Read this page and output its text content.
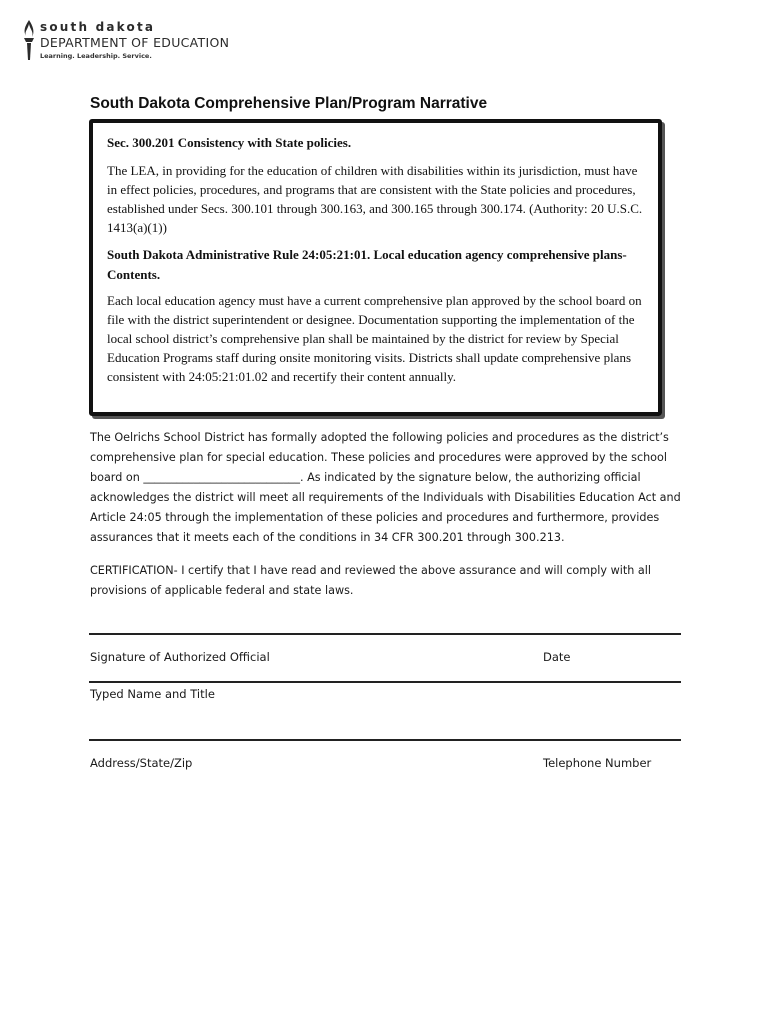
south dakota
DEPARTMENT OF EDUCATION
Learning. Leadership. Service.
South Dakota Comprehensive Plan/Program Narrative

Sec. 300.201 Consistency with State policies.

The LEA, in providing for the education of children with disabilities within its jurisdiction, must have in effect policies, procedures, and programs that are consistent with the State policies and procedures, established under Secs. 300.101 through 300.163, and 300.165 through 300.174. (Authority: 20 U.S.C. 1413(a)(1))

South Dakota Administrative Rule 24:05:21:01. Local education agency comprehensive plans- Contents.

Each local education agency must have a current comprehensive plan approved by the school board on file with the district superintendent or designee. Documentation supporting the implementation of the local school district’s comprehensive plan shall be maintained by the district for review by Special Education Programs staff during onsite monitoring visits. Districts shall update comprehensive plans consistent with 24:05:21:01.02 and recertify their content annually.

The Oelrichs School District has formally adopted the following policies and procedures as the district’s comprehensive plan for special education. These policies and procedures were approved by the school board on ____________________________. As indicated by the signature below, the authorizing official acknowledges the district will meet all requirements of the Individuals with Disabilities Education Act and Article 24:05 through the implementation of these policies and procedures and furthermore, provides assurances that it meets each of the conditions in 34 CFR 300.201 through 300.213.

CERTIFICATION- I certify that I have read and reviewed the above assurance and will comply with all provisions of applicable federal and state laws.

Signature of Authorized Official	Date
Typed Name and Title
Address/State/Zip	Telephone Number
